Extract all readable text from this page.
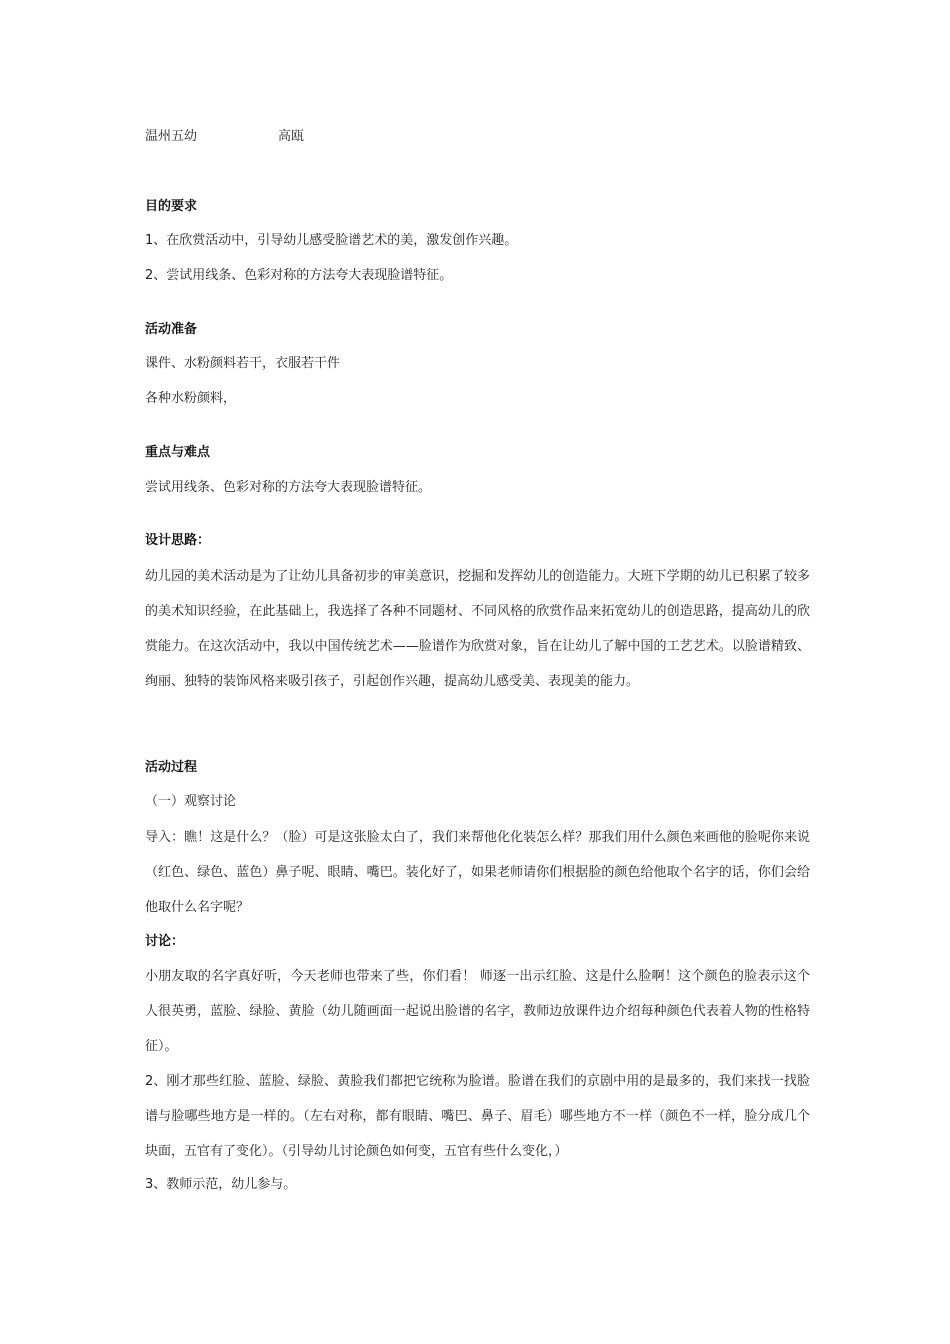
温州五幼	高瓯
目的要求
1、在欣赏活动中，引导幼儿感受脸谱艺术的美，激发创作兴趣。
2、尝试用线条、色彩对称的方法夸大表现脸谱特征。
活动准备
课件、水粉颜料若干，衣服若干件
各种水粉颜料，
重点与难点
尝试用线条、色彩对称的方法夸大表现脸谱特征。
设计思路：
幼儿园的美术活动是为了让幼儿具备初步的审美意识，挖掘和发挥幼儿的创造能力。大班下学期的幼儿已积累了较多的美术知识经验，在此基础上，我选择了各种不同题材、不同风格的欣赏作品来拓宽幼儿的创造思路，提高幼儿的欣赏能力。在这次活动中，我以中国传统艺术——脸谱作为欣赏对象，旨在让幼儿了解中国的工艺艺术。以脸谱精致、绚丽、独特的装饰风格来吸引孩子，引起创作兴趣，提高幼儿感受美、表现美的能力。
活动过程
（一）观察讨论
导入：瞧！这是什么？（脸）可是这张脸太白了，我们来帮他化化装怎么样？那我们用什么颜色来画他的脸呢你来说（红色、绿色、蓝色）鼻子呢、眼睛、嘴巴。装化好了，如果老师请你们根据脸的颜色给他取个名字的话，你们会给他取什么名字呢？
讨论：
小朋友取的名字真好听，今天老师也带来了些，你们看！ 师逐一出示红脸、这是什么脸啊！这个颜色的脸表示这个人很英勇，蓝脸、绿脸、黄脸（幼儿随画面一起说出脸谱的名字，教师边放课件边介绍每种颜色代表着人物的性格特征）。
2、刚才那些红脸、蓝脸、绿脸、黄脸我们都把它统称为脸谱。脸谱在我们的京剧中用的是最多的，我们来找一找脸谱与脸哪些地方是一样的。（左右对称，都有眼睛、嘴巴、鼻子、眉毛）哪些地方不一样（颜色不一样，脸分成几个块面，五官有了变化）。（引导幼儿讨论颜色如何变，五官有些什么变化，）
3、教师示范，幼儿参与。
